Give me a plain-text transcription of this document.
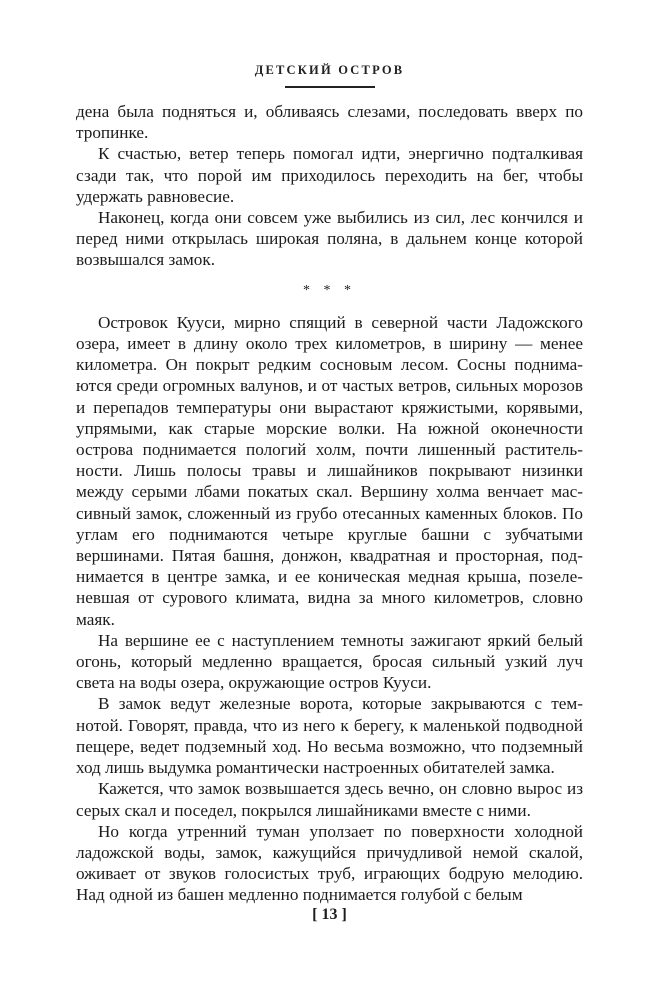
ДЕТСКИЙ ОСТРОВ

дена была подняться и, обливаясь слезами, последовать вверх по тропинке.

К счастью, ветер теперь помогал идти, энергично подталкивая сзади так, что порой им приходилось переходить на бег, чтобы удержать равновесие.

Наконец, когда они совсем уже выбились из сил, лес кончился и перед ними открылась широкая поляна, в дальнем конце которой возвышался замок.

* * *

Островок Кууси, мирно спящий в северной части Ладожского озера, имеет в длину около трех километров, в ширину — менее километра. Он покрыт редким сосновым лесом. Сосны поднимаются среди огромных валунов, и от частых ветров, сильных морозов и перепадов температуры они вырастают кряжистыми, корявыми, упрямыми, как старые морские волки. На южной оконечности острова поднимается пологий холм, почти лишенный растительности. Лишь полосы травы и лишайников покрывают низинки между серыми лбами покатых скал. Вершину холма венчает массивный замок, сложенный из грубо отесанных каменных блоков. По углам его поднимаются четыре круглые башни с зубчатыми вершинами. Пятая башня, донжон, квадратная и просторная, поднимается в центре замка, и ее коническая медная крыша, позеленевшая от сурового климата, видна за много километров, словно маяк.

На вершине ее с наступлением темноты зажигают яркий белый огонь, который медленно вращается, бросая сильный узкий луч света на воды озера, окружающие остров Кууси.

В замок ведут железные ворота, которые закрываются с темнотой. Говорят, правда, что из него к берегу, к маленькой подводной пещере, ведет подземный ход. Но весьма возможно, что подземный ход лишь выдумка романтически настроенных обитателей замка.

Кажется, что замок возвышается здесь вечно, он словно вырос из серых скал и поседел, покрылся лишайниками вместе с ними.

Но когда утренний туман уползает по поверхности холодной ладожской воды, замок, кажущийся причудливой немой скалой, оживает от звуков голосистых труб, играющих бодрую мелодию. Над одной из башен медленно поднимается голубой с белым

[ 13 ]
